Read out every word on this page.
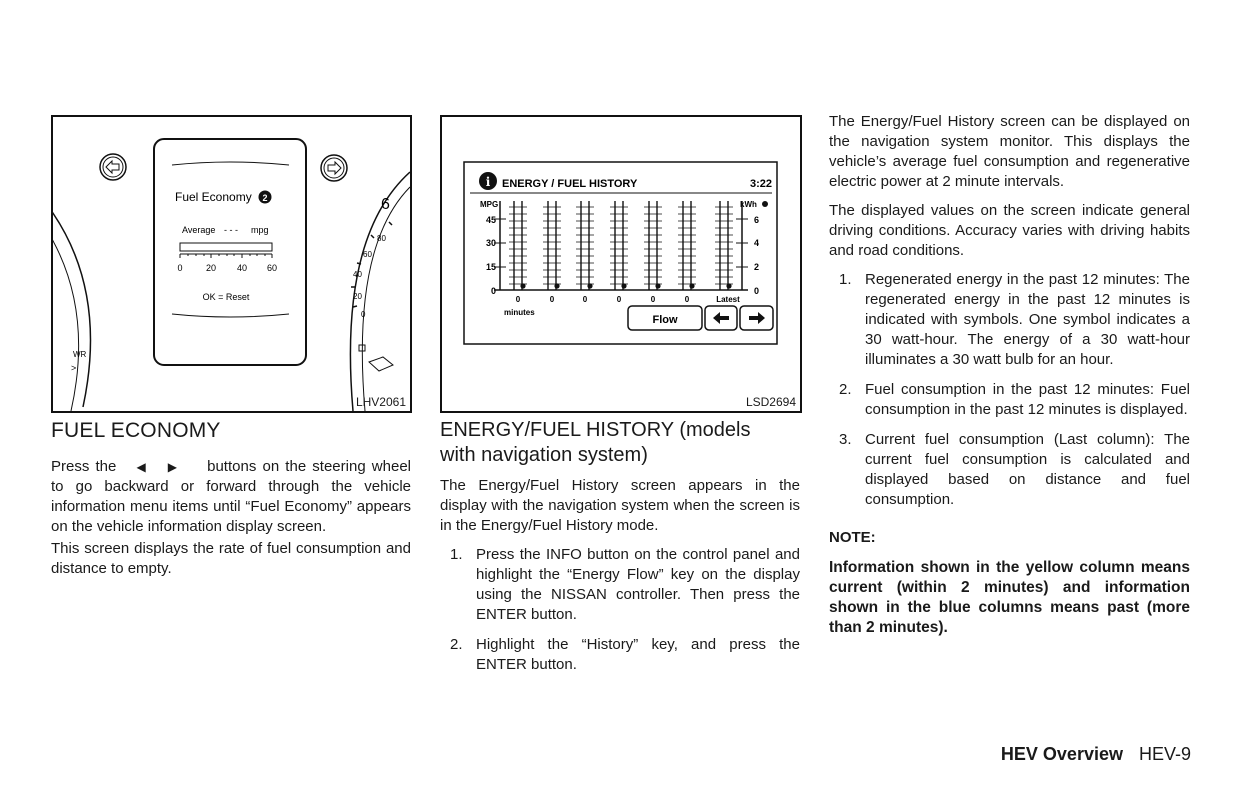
WR
>
6
80
60
40
20
0
Fuel Economy 2
Average - - - mpg
0	20 40 60
OK = Reset
LHV2061
i ENERGY / FUEL HISTORY	3:22
MPG	kWh
45
30
15
0
6
4
2
0
0	0	0	0	0	0	Latest
minutes
Flow
LSD2694
FUEL ECONOMY

Press the ◀ ▶ buttons on the steering wheel to go backward or forward through the vehicle information menu items until “Fuel Economy” appears on the vehicle information display screen.

This screen displays the rate of fuel consumption and distance to empty.

ENERGY/FUEL HISTORY (models
with navigation system)

The Energy/Fuel History screen appears in the display with the navigation system when the screen is in the Energy/Fuel History mode.

1. Press the INFO button on the control panel and highlight the “Energy Flow” key on the display using the NISSAN controller. Then press the ENTER button.
2. Highlight the “History” key, and press the ENTER button.

The Energy/Fuel History screen can be displayed on the navigation system monitor. This displays the vehicle’s average fuel consumption and regenerative electric power at 2 minute intervals.

The displayed values on the screen indicate general driving conditions. Accuracy varies with driving habits and road conditions.

1. Regenerated energy in the past 12 minutes: The regenerated energy in the past 12 minutes is indicated with symbols. One symbol indicates a 30 watt-hour. The energy of a 30 watt-hour illuminates a 30 watt bulb for an hour.
2. Fuel consumption in the past 12 minutes: Fuel consumption in the past 12 minutes is displayed.
3. Current fuel consumption (Last column): The current fuel consumption is calculated and displayed based on distance and fuel consumption.
NOTE:

Information shown in the yellow column means current (within 2 minutes) and information shown in the blue columns means past (more than 2 minutes).

HEV Overview HEV-9
